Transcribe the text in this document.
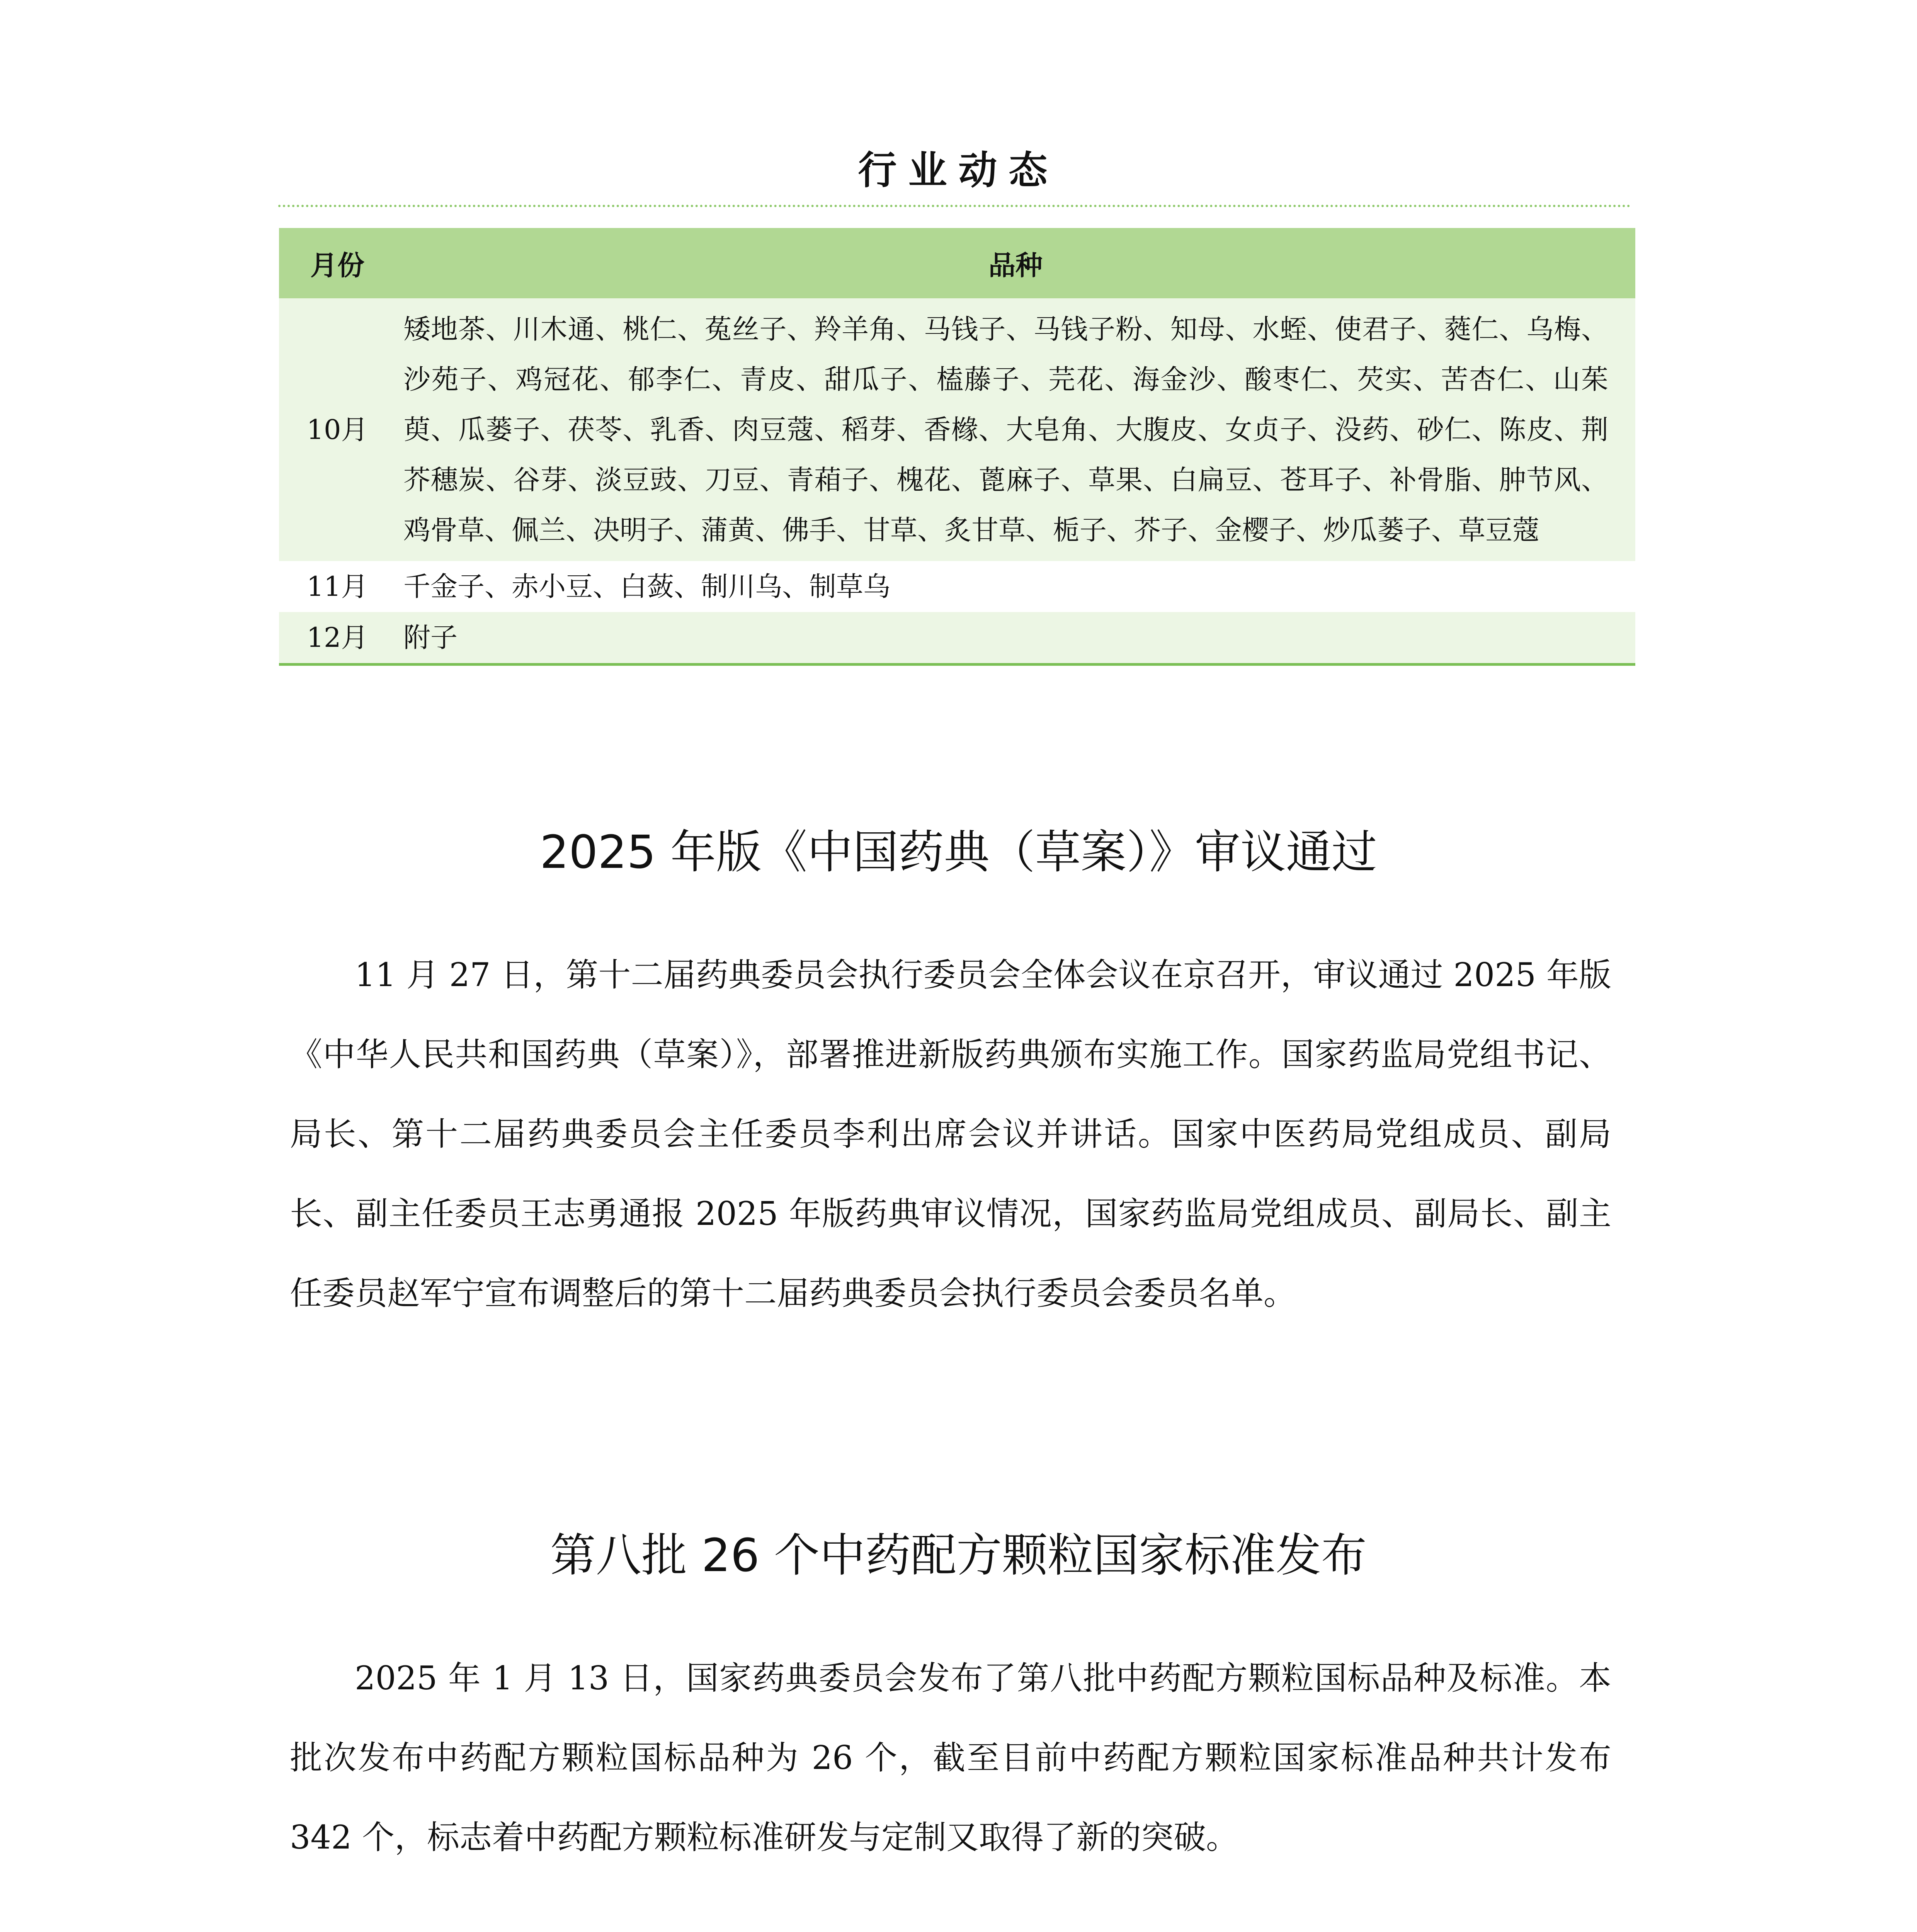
行业动态
月份	品种
10月	矮地茶、川木通、桃仁、菟丝子、羚羊角、马钱子、马钱子粉、知母、水蛭、使君子、蕤仁、乌梅、沙苑子、鸡冠花、郁李仁、青皮、甜瓜子、榼藤子、芫花、海金沙、酸枣仁、芡实、苦杏仁、山茱萸、瓜蒌子、茯苓、乳香、肉豆蔻、稻芽、香橼、大皂角、大腹皮、女贞子、没药、砂仁、陈皮、荆芥穗炭、谷芽、淡豆豉、刀豆、青葙子、槐花、蓖麻子、草果、白扁豆、苍耳子、补骨脂、肿节风、鸡骨草、佩兰、决明子、蒲黄、佛手、甘草、炙甘草、栀子、芥子、金樱子、炒瓜蒌子、草豆蔻
11月	千金子、赤小豆、白蔹、制川乌、制草乌
12月	附子
2025 年版《中国药典（草案）》审议通过
11 月 27 日，第十二届药典委员会执行委员会全体会议在京召开，审议通过 2025 年版《中华人民共和国药典（草案）》，部署推进新版药典颁布实施工作。国家药监局党组书记、局长、第十二届药典委员会主任委员李利出席会议并讲话。国家中医药局党组成员、副局长、副主任委员王志勇通报 2025 年版药典审议情况，国家药监局党组成员、副局长、副主任委员赵军宁宣布调整后的第十二届药典委员会执行委员会委员名单。
第八批 26 个中药配方颗粒国家标准发布
2025 年 1 月 13 日，国家药典委员会发布了第八批中药配方颗粒国标品种及标准。本批次发布中药配方颗粒国标品种为 26 个，截至目前中药配方颗粒国家标准品种共计发布 342 个，标志着中药配方颗粒标准研发与定制又取得了新的突破。
